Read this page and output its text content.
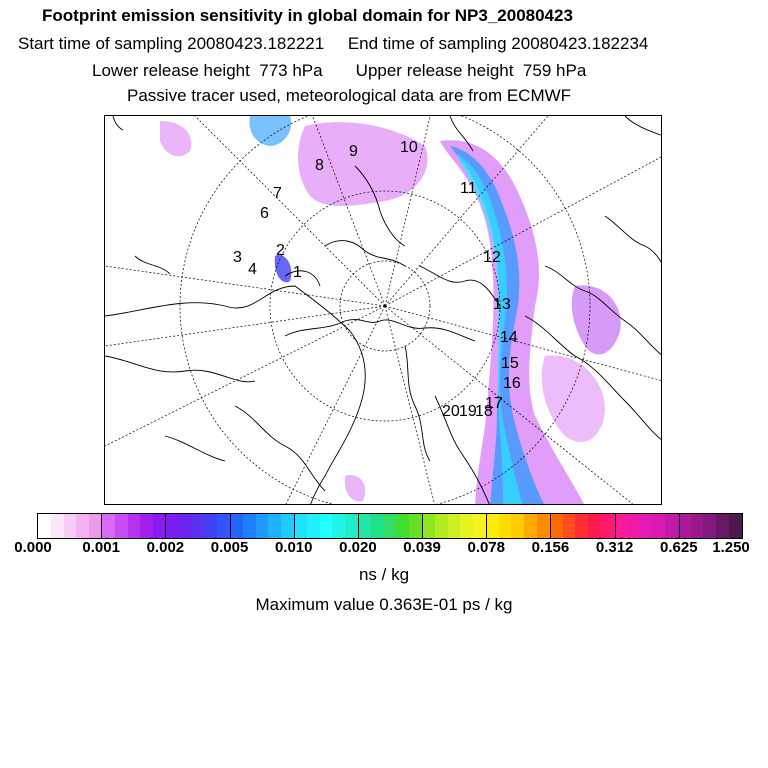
Footprint emission sensitivity in global domain for NP3_20080423
Start time of sampling 20080423.182221     End time of sampling 20080423.182234
Lower release height  773 hPa       Upper release height  759 hPa
Passive tracer used, meteorological data are from ECMWF
1
2
3
4
6
7
8
9	10
11
12
13
14
15
16
17
18
19
20
0.000 0.001 0.002 0.005 0.010 0.020 0.039 0.078 0.156 0.312 0.625 1.250
ns / kg
Maximum value 0.363E-01 ps / kg
